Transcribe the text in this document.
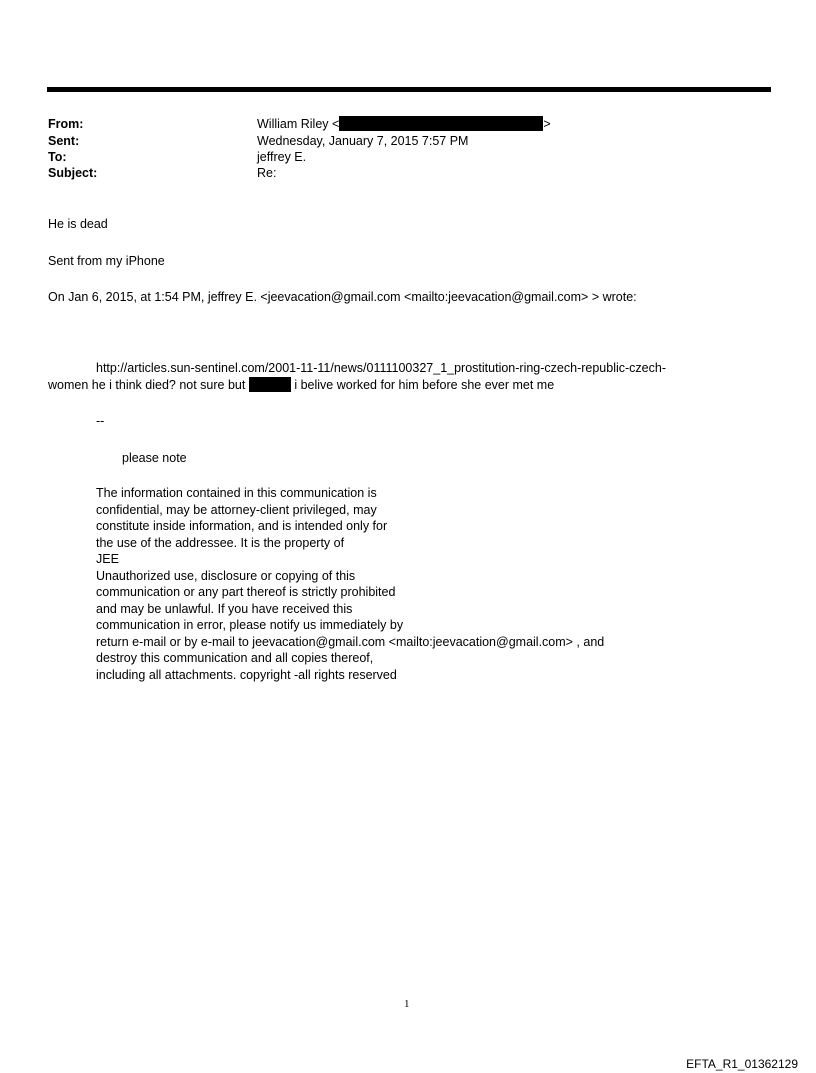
From:	William Riley <	>
Sent:	Wednesday, January 7, 2015 7:57 PM
To:	jeffrey E.
Subject:	Re:
He is dead
Sent from my iPhone
On Jan 6, 2015, at 1:54 PM, jeffrey E. <jeevacation@gmail.com <mailto:jeevacation@gmail.com> > wrote:
http://articles.sun-sentinel.com/2001-11-11/news/0111100327_1_prostitution-ring-czech-republic-czech-
women he i think died? not sure but	i belive worked for him before she ever met me
--
please note
The information contained in this communication is
confidential, may be attorney-client privileged, may
constitute inside information, and is intended only for
the use of the addressee. It is the property of
JEE
Unauthorized use, disclosure or copying of this
communication or any part thereof is strictly prohibited
and may be unlawful. If you have received this
communication in error, please notify us immediately by
return e-mail or by e-mail to jeevacation@gmail.com <mailto:jeevacation@gmail.com> , and
destroy this communication and all copies thereof,
including all attachments. copyright -all rights reserved
1
EFTA_R1_01362129
